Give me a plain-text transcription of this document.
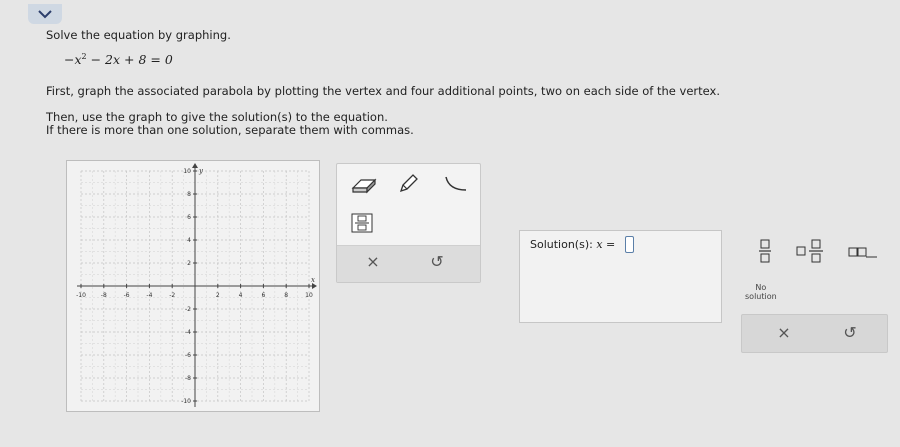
Solve the equation by graphing.
$-x^2 - 2x + 8 = 0$
First, graph the associated parabola by plotting the vertex and four additional points, two on each side of the vertex.
Then, use the graph to give the solution(s) to the equation.
If there is more than one solution, separate them with commas.
-10 -8	-6	-4	-2	2	4	6	8	10
10
8
6
4
2
-2
-4
-6
-8
-10
x
y
×	↺
Solution(s): x =
No
solution
×	↺
